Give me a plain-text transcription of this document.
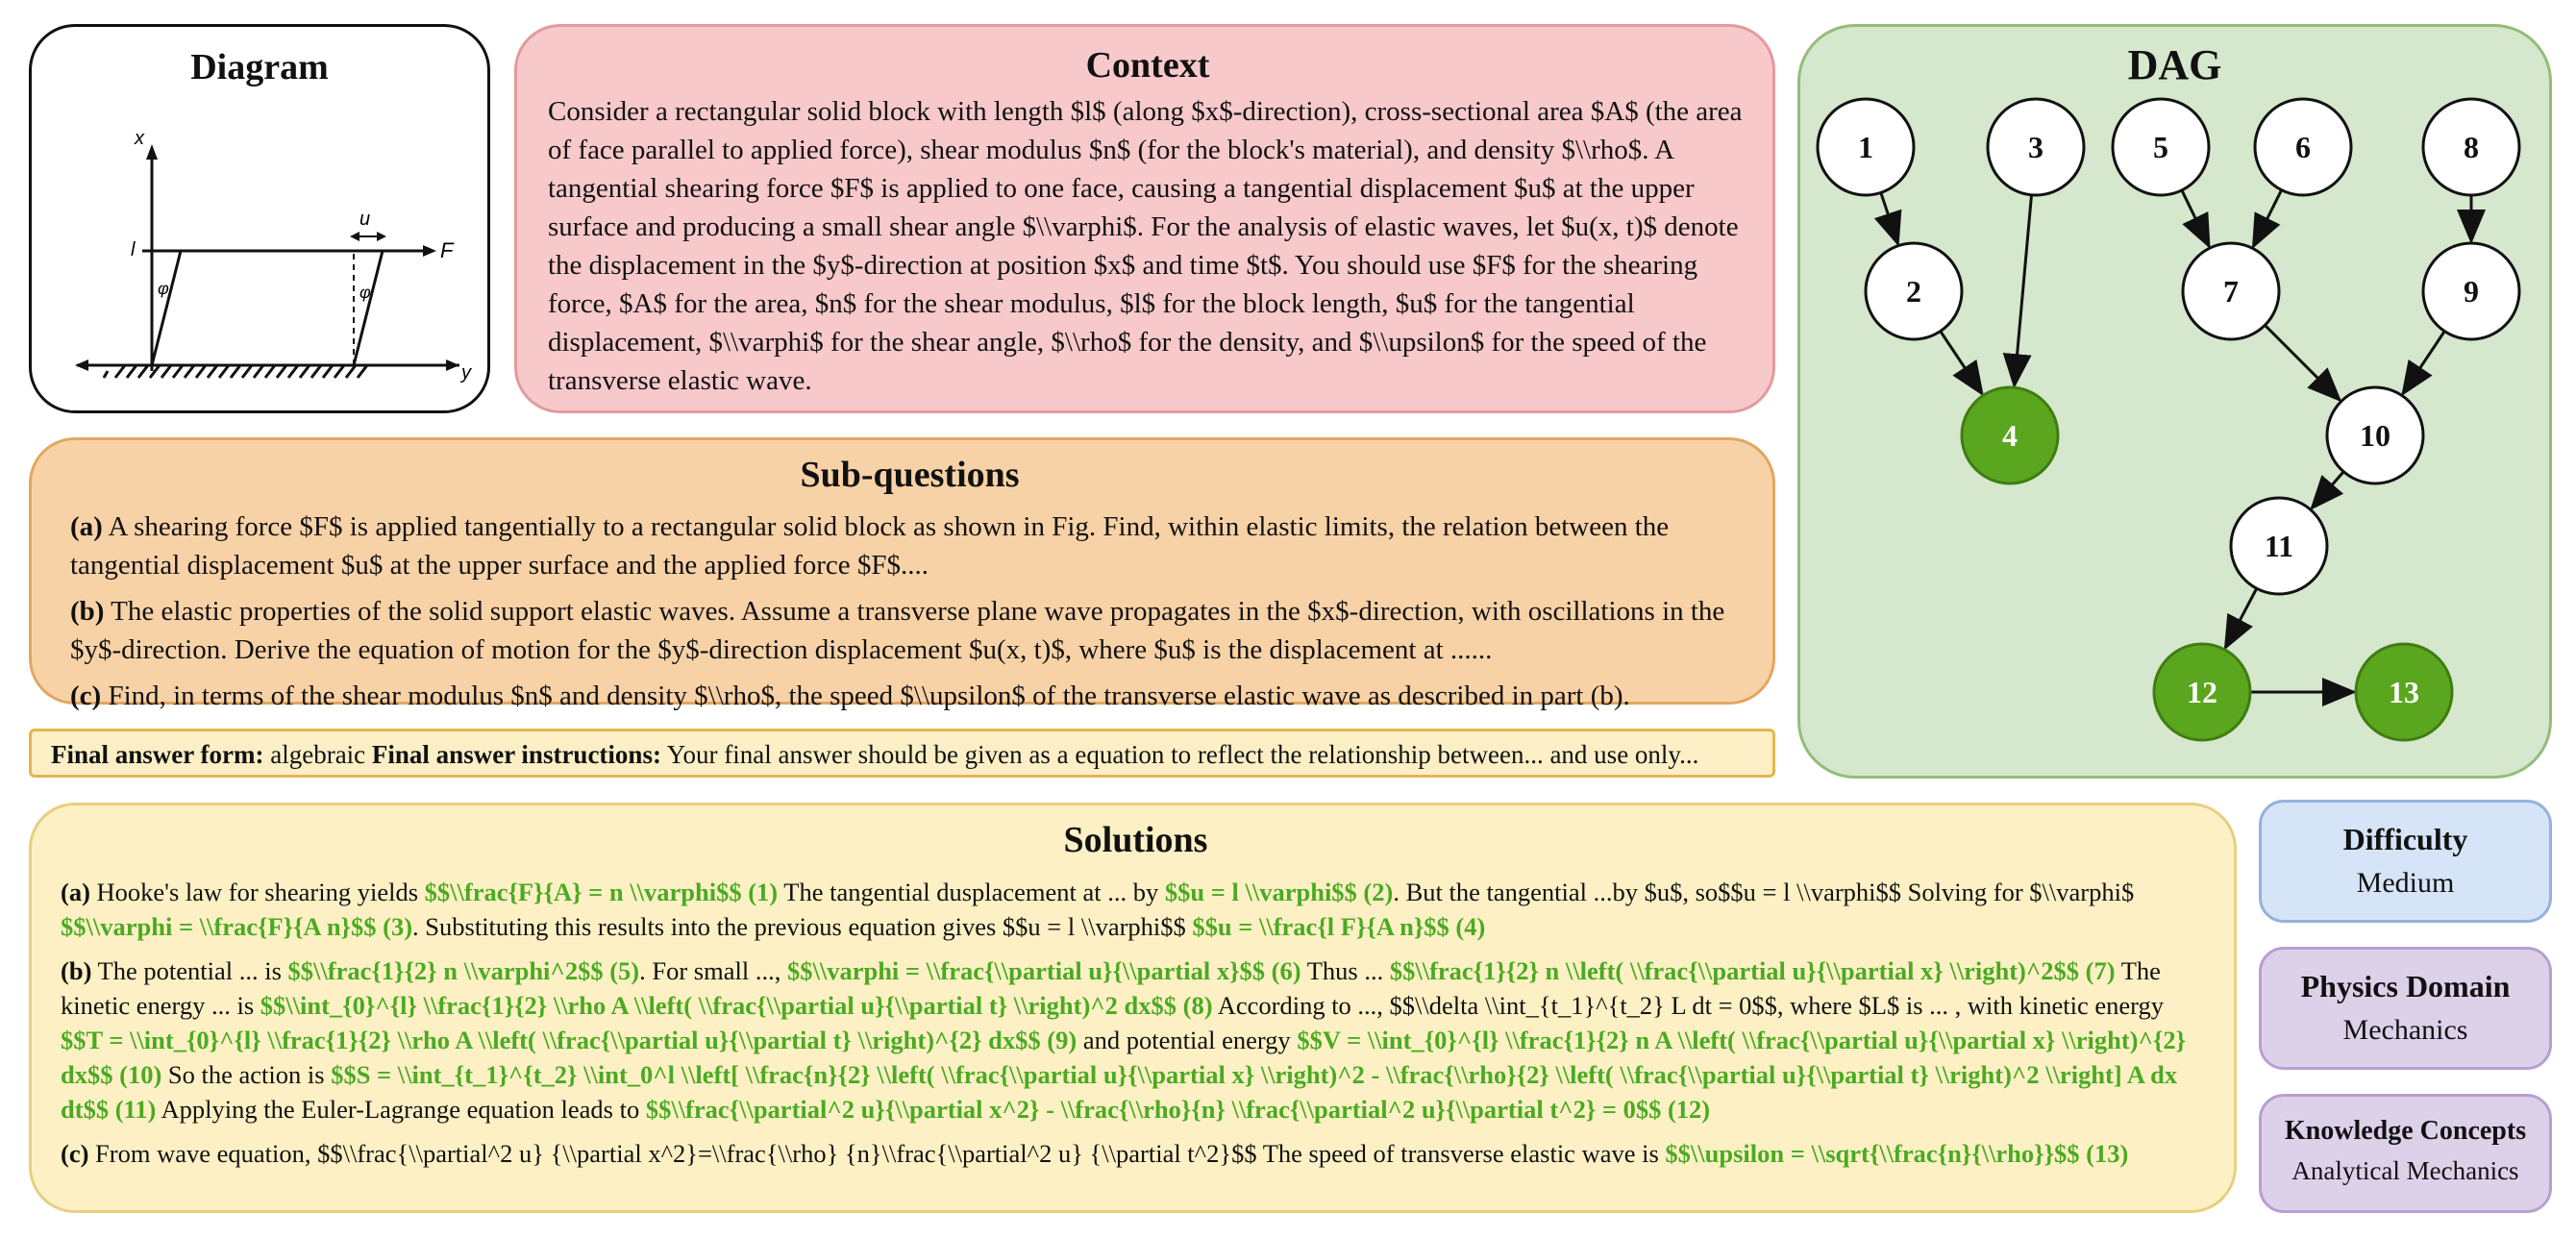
Diagram
x
y
l
u
F
φ	φ
Context
Consider a rectangular solid block with length $l$ (along $x$-direction), cross-sectional area $A$ (the area of face parallel to applied force), shear modulus $n$ (for the block's material), and density $\\rho$. A tangential shearing force $F$ is applied to one face, causing a tangential displacement $u$ at the upper surface and producing a small shear angle $\\varphi$. For the analysis of elastic waves, let $u(x, t)$ denote the displacement in the $y$-direction at position $x$ and time $t$. You should use $F$ for the shearing force, $A$ for the area, $n$ for the shear modulus, $l$ for the block length, $u$ for the tangential displacement, $\\varphi$ for the shear angle, $\\rho$ for the density, and $\\upsilon$ for the speed of the transverse elastic wave.
Sub-questions

(a) A shearing force $F$ is applied tangentially to a rectangular solid block as shown in Fig. Find, within elastic limits, the relation between the tangential displacement $u$ at the upper surface and the applied force $F$....

(b) The elastic properties of the solid support elastic waves. Assume a transverse plane wave propagates in the $x$-direction, with oscillations in the $y$-direction. Derive the equation of motion for the $y$-direction displacement $u(x, t)$, where $u$ is the displacement at ......

(c) Find, in terms of the shear modulus $n$ and density $\\rho$, the speed $\\upsilon$ of the transverse elastic wave as described in part (b).

Final answer form: algebraic Final answer instructions: Your final answer should be given as a equation to reflect the relationship between... and use only...
Solutions

(a) Hooke's law for shearing yields $$\\frac{F}{A} = n \\varphi$$ (1) The tangential dusplacement at ... by $$u = l \\varphi$$ (2). But the tangential ...by $u$, so$$u = l \\varphi$$ Solving for $\\varphi$ $$\\varphi = \\frac{F}{A n}$$ (3). Substituting this results into the previous equation gives $$u = l \\varphi$$ $$u = \\frac{l F}{A n}$$ (4)

(b) The potential ... is $$\\frac{1}{2} n \\varphi^2$$ (5). For small ..., $$\\varphi = \\frac{\\partial u}{\\partial x}$$ (6) Thus ... $$\\frac{1}{2} n \\left( \\frac{\\partial u}{\\partial x} \\right)^2$$ (7) The kinetic energy ... is $$\\int_{0}^{l} \\frac{1}{2} \\rho A \\left( \\frac{\\partial u}{\\partial t} \\right)^2 dx$$ (8) According to ..., $$\\delta \\int_{t_1}^{t_2} L dt = 0$$, where $L$ is ... , with kinetic energy $$T = \\int_{0}^{l} \\frac{1}{2} \\rho A \\left( \\frac{\\partial u}{\\partial t} \\right)^{2} dx$$ (9) and potential energy $$V = \\int_{0}^{l} \\frac{1}{2} n A \\left( \\frac{\\partial u}{\\partial x} \\right)^{2} dx$$ (10) So the action is $$S = \\int_{t_1}^{t_2} \\int_0^l \\left[ \\frac{n}{2} \\left( \\frac{\\partial u}{\\partial x} \\right)^2 - \\frac{\\rho}{2} \\left( \\frac{\\partial u}{\\partial t} \\right)^2 \\right] A dx dt$$ (11) Applying the Euler-Lagrange equation leads to $$\\frac{\\partial^2 u}{\\partial x^2} - \\frac{\\rho}{n} \\frac{\\partial^2 u}{\\partial t^2} = 0$$ (12)

(c) From wave equation, $$\\frac{\\partial^2 u} {\\partial x^2}=\\frac{\\rho} {n}\\frac{\\partial^2 u} {\\partial t^2}$$ The speed of transverse elastic wave is $$\\upsilon = \\sqrt{\\frac{n}{\\rho}}$$ (13)

DAG
1
2
3
4
5	6
7
8
9
10
11
12	13
Difficulty
Medium
Physics Domain
Mechanics
Knowledge Concepts
Analytical Mechanics
